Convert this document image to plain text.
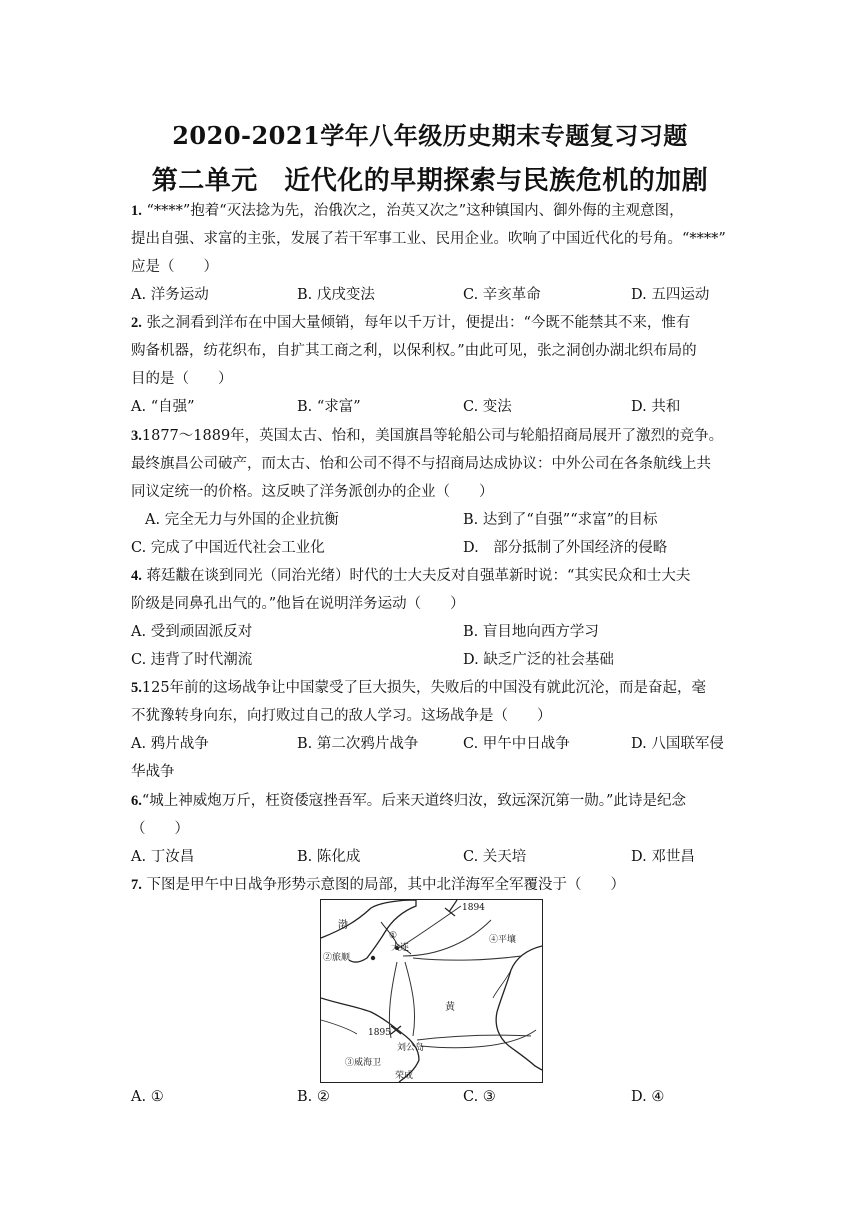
2020-2021学年八年级历史期末专题复习习题
第二单元　近代化的早期探索与民族危机的加剧
1. “****”抱着“灭法捻为先，治俄次之，治英又次之”这种镇国内、御外侮的主观意图，
提出自强、求富的主张，发展了若干军事工业、民用企业。吹响了中国近代化的号角。“****”
应是（　　）
A. 洋务运动	B. 戊戌变法	C. 辛亥革命	D. 五四运动
2. 张之洞看到洋布在中国大量倾销，每年以千万计，便提出：“今既不能禁其不来，惟有
购备机器，纺花织布，自扩其工商之利，以保利权。”由此可见，张之洞创办湖北织布局的
目的是（　　）
A. “自强”	B. “求富”	C. 变法	D. 共和
3.1877～1889年，英国太古、怡和，美国旗昌等轮船公司与轮船招商局展开了激烈的竞争。
最终旗昌公司破产，而太古、怡和公司不得不与招商局达成协议：中外公司在各条航线上共
同议定统一的价格。这反映了洋务派创办的企业（　　）
A. 完全无力与外国的企业抗衡	B. 达到了“自强”“求富”的目标
C. 完成了中国近代社会工业化	D.　部分抵制了外国经济的侵略
4. 蒋廷黻在谈到同光（同治光绪）时代的士大夫反对自强革新时说：“其实民众和士大夫
阶级是同鼻孔出气的。”他旨在说明洋务运动（　　）
A. 受到顽固派反对	B. 盲目地向西方学习
C. 违背了时代潮流	D. 缺乏广泛的社会基础
5.125年前的这场战争让中国蒙受了巨大损失，失败后的中国没有就此沉沦，而是奋起，毫
不犹豫转身向东，向打败过自己的敌人学习。这场战争是（　　）
A. 鸦片战争	B. 第二次鸦片战争	C. 甲午中日战争	D. 八国联军侵
华战争
6.“城上神威炮万斤，枉资倭寇挫吾军。后来天道终归汝，致远深沉第一勋。”此诗是纪念
（　　）
A. 丁汝昌	B. 陈化成	C. 关天培	D. 邓世昌
7. 下图是甲午中日战争形势示意图的局部，其中北洋海军全军覆没于（　　）
渤
黄
1894
1895
①
大连
②旅顺
④平壤
③威海卫
刘公岛
荣成
A. ①	B. ②	C. ③	D. ④
